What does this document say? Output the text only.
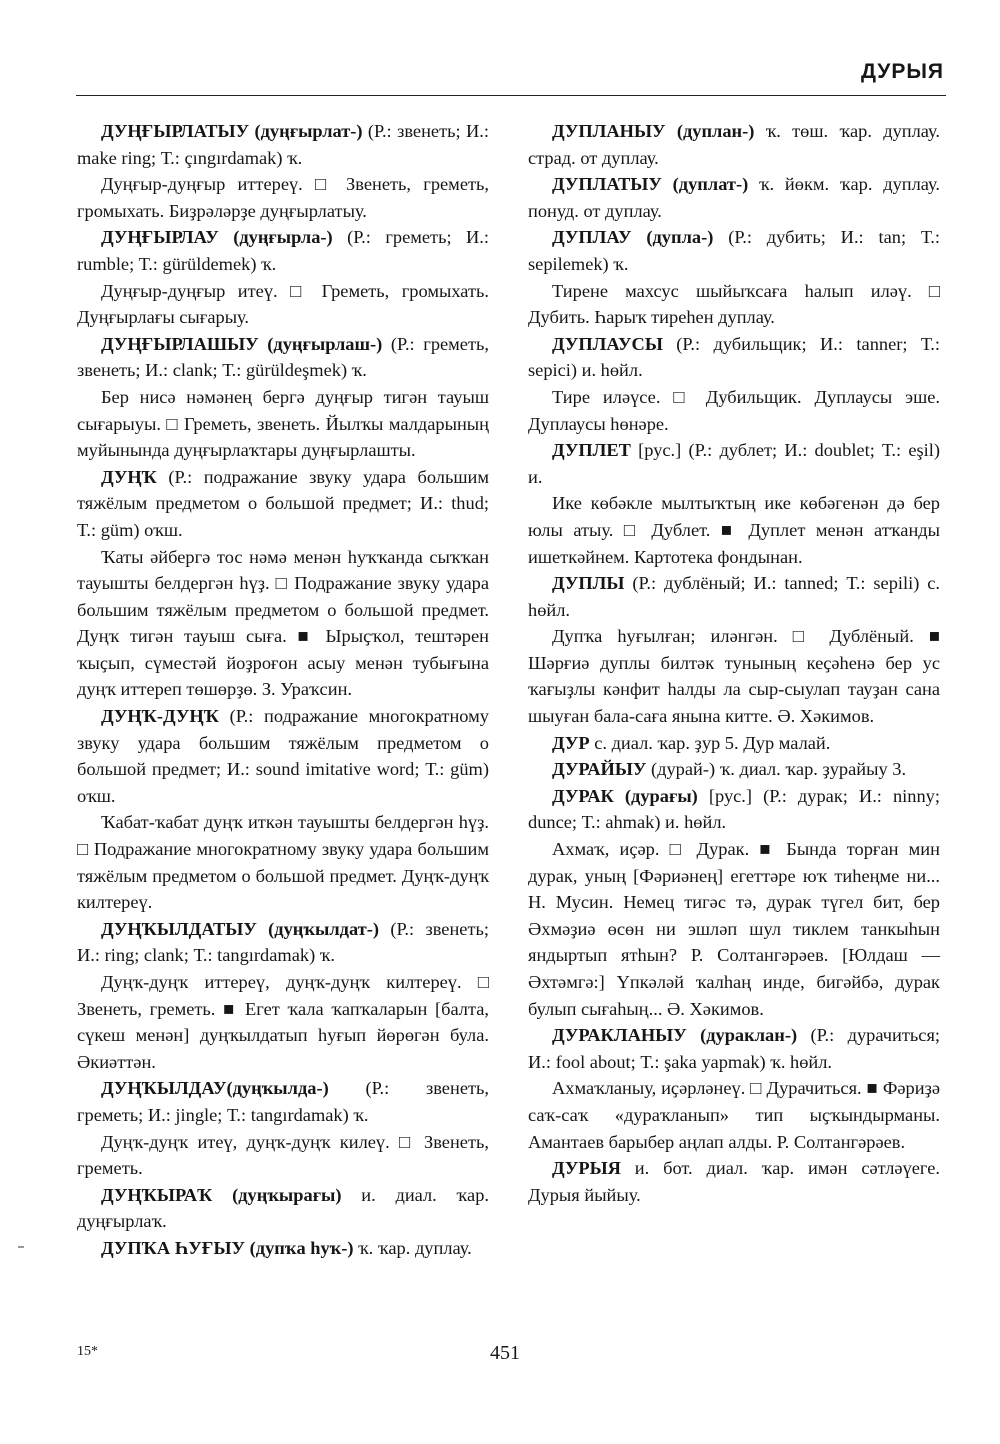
ДУРЫЯ

ДУҢҒЫРЛАТЫУ (дуңғырлат-) (Р.: звенеть; И.: make ring; Т.: çıngırdamak) ҡ.

Дуңғыр-дуңғыр иттереү. □ Звенеть, греметь, громыхать. Биҙрәләрҙе дуңғырлатыу.

ДУҢҒЫРЛАУ (дуңғырла-) (Р.: греметь; И.: rumble; Т.: gürüldemek) ҡ.

Дуңғыр-дуңғыр итеү. □ Греметь, громыхать. Дуңғырлағы сығарыу.

ДУҢҒЫРЛАШЫУ (дуңғырлаш-) (Р.: греметь, звенеть; И.: clank; Т.: gürüldeşmek) ҡ.

Бер нисә нәмәнең бергә дуңғыр тигән тауыш сығарыуы. □ Греметь, звенеть. Йылҡы малдарының муйынында дуңғырлаҡтары дуңғырлашты.

ДУҢҠ (Р.: подражание звуку удара большим тяжёлым предметом о большой предмет; И.: thud; Т.: güm) оҡш.

Ҡаты әйбергә тос нәмә менән һуҡҡанда сыҡҡан тауышты белдергән һүҙ. □ Подражание звуку удара большим тяжёлым предметом о большой предмет. Дуңҡ тигән тауыш сыға. ■ Ырыҫҡол, тештәрен ҡыҫып, сүместәй йоҙроғон асыу менән тубығына дуңҡ иттереп төшөрҙө. З. Ураҡсин.

ДУҢҠ-ДУҢҠ (Р.: подражание многократному звуку удара большим тяжёлым предметом о большой предмет; И.: sound imitative word; Т.: güm) оҡш.

Ҡабат-ҡабат дуңҡ иткән тауышты белдергән һүҙ. □ Подражание многократному звуку удара большим тяжёлым предметом о большой предмет. Дуңҡ-дуңҡ килтереү.

ДУҢҠЫЛДАТЫУ (дуңҡылдат-) (Р.: звенеть; И.: ring; clank; Т.: tangırdamak) ҡ.

Дуңҡ-дуңҡ иттереү, дуңҡ-дуңҡ килтереү. □ Звенеть, греметь. ■ Егет ҡала ҡапҡаларын [балта, сүкеш менән] дуңҡылдатып һуғып йөрөгән була. Әкиәттән.

ДУҢҠЫЛДАУ(дуңҡылда-) (Р.: звенеть, греметь; И.: jingle; Т.: tangırdamak) ҡ.

Дуңҡ-дуңҡ итеү, дуңҡ-дуңҡ килеү. □ Звенеть, греметь.

ДУҢҠЫРАҠ (дуңҡырағы) и. диал. ҡар. дуңғырлаҡ.

ДУПҠА ҺУҒЫУ (дупҡа һуҡ-) ҡ. ҡар. дуплау.

ДУПЛАНЫУ (дуплан-) ҡ. төш. ҡар. дуплау. страд. от дуплау.

ДУПЛАТЫУ (дуплат-) ҡ. йөкм. ҡар. дуплау. понуд. от дуплау.

ДУПЛАУ (дупла-) (Р.: дубить; И.: tan; Т.: sepilemek) ҡ.

Тирене махсус шыйыҡсаға һалып иләү. □ Дубить. Һарыҡ тиреһен дуплау.

ДУПЛАУСЫ (Р.: дубильщик; И.: tanner; Т.: sepici) и. һөйл.

Тире иләүсе. □ Дубильщик. Дуплаусы эше. Дуплаусы һөнәре.

ДУПЛЕТ [рус.] (Р.: дублет; И.: doublet; Т.: eşil) и.

Ике көбәкле мылтыҡтың ике көбәгенән дә бер юлы атыу. □ Дублет. ■ Дуплет менән атҡанды ишеткәйнем. Картотека фондынан.

ДУПЛЫ (Р.: дублёный; И.: tanned; Т.: sepili) с. һөйл.

Дупҡа һуғылған; иләнгән. □ Дублёный. ■ Шәрғиә дуплы билтәк тунының кеҫәһенә бер ус ҡағыҙлы кәнфит һалды ла сыр-сыулап тауҙан сана шыуған бала-саға янына китте. Ә. Хәкимов.

ДУР с. диал. ҡар. ҙур 5. Дур малай.

ДУРАЙЫУ (дурай-) ҡ. диал. ҡар. ҙурайыу 3.

ДУРАК (дурағы) [рус.] (Р.: дурак; И.: ninny; dunce; Т.: ahmak) и. һөйл.

Ахмаҡ, иҫәр. □ Дурак. ■ Бында торған мин дурак, уның [Фәриәнең] егеттәре юҡ тиһеңме ни... Н. Мусин. Немец тигәс тә, дурак түгел бит, бер Әхмәҙиә өсөн ни эшләп шул тиклем танкыһын яндыртып ятһын? Р. Солтангәрәев. [Юлдаш — Әхтәмгә:] Үпкәләй ҡалһаң инде, бигәйбә, дурак булып сығаһың... Ә. Хәкимов.

ДУРАКЛАНЫУ (дураклан-) (Р.: дурачиться; И.: fool about; Т.: şaka yapmak) ҡ. һөйл.

Ахмаҡланыу, иҫәрләнеү. □ Дурачиться. ■ Фәриҙә саҡ-саҡ «дураҡланып» тип ыҫҡындырманы. Амантаев барыбер аңлап алды. Р. Солтангәрәев.

ДУРЫЯ и. бот. диал. ҡар. имән сәтләүеге. Дурыя йыйыу.

15*	451
